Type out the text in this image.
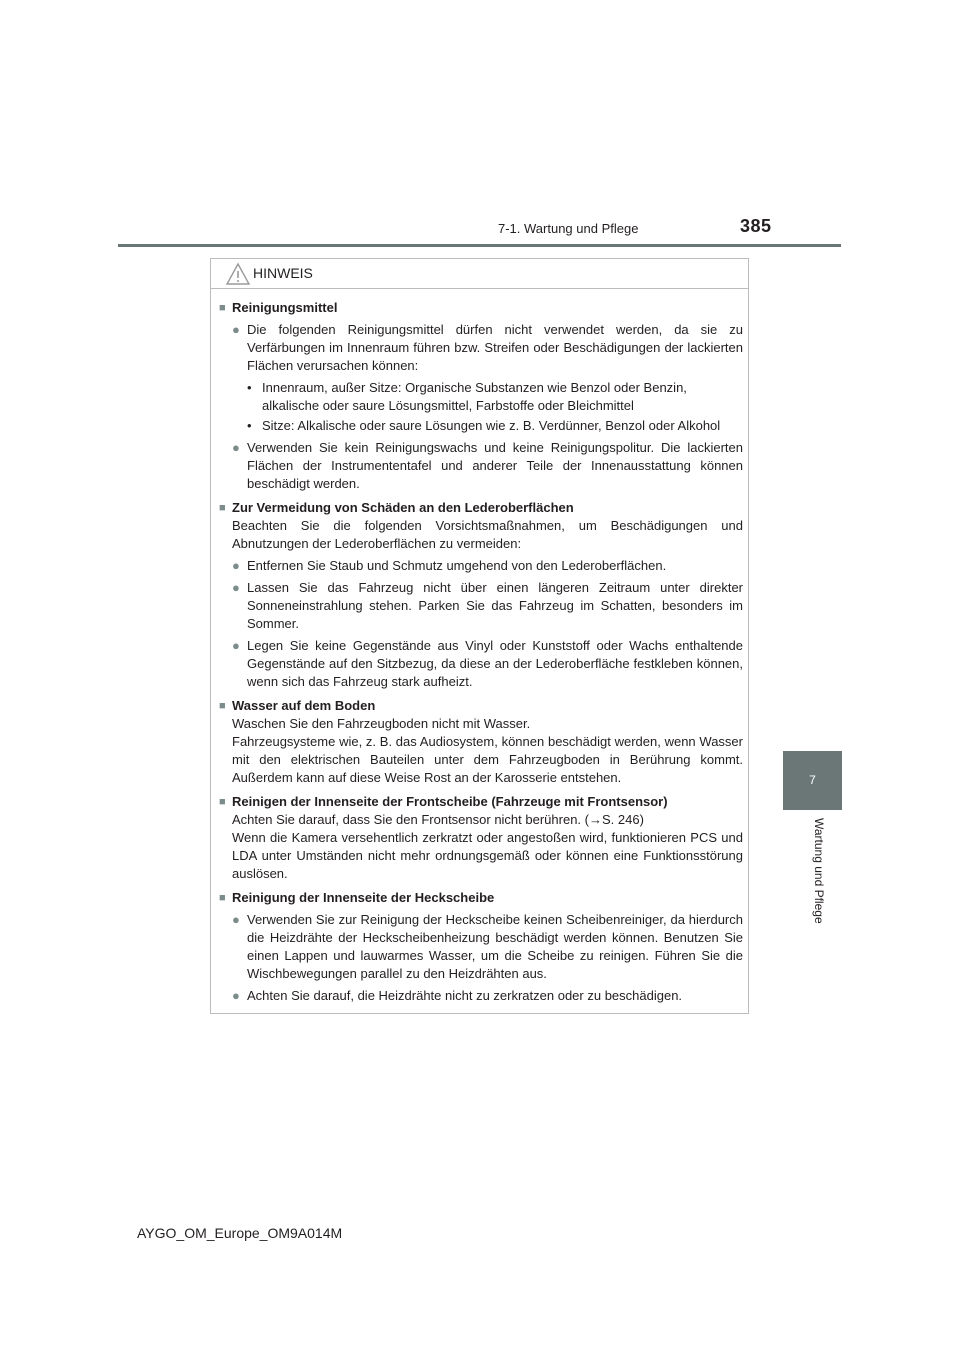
7-1. Wartung und Pflege	385
7
Wartung und Pflege
HINWEIS
■ Reinigungsmittel
● Die folgenden Reinigungsmittel dürfen nicht verwendet werden, da sie zu Verfärbungen im Innenraum führen bzw. Streifen oder Beschädigungen der lackierten Flächen verursachen können:
• Innenraum, außer Sitze: Organische Substanzen wie Benzol oder Benzin, alkalische oder saure Lösungsmittel, Farbstoffe oder Bleichmittel
• Sitze: Alkalische oder saure Lösungen wie z. B. Verdünner, Benzol oder Alkohol
● Verwenden Sie kein Reinigungswachs und keine Reinigungspolitur. Die lackierten Flächen der Instrumententafel und anderer Teile der Innenausstattung können beschädigt werden.
■ Zur Vermeidung von Schäden an den Lederoberflächen
Beachten Sie die folgenden Vorsichtsmaßnahmen, um Beschädigungen und Abnutzungen der Lederoberflächen zu vermeiden:
● Entfernen Sie Staub und Schmutz umgehend von den Lederoberflächen.
● Lassen Sie das Fahrzeug nicht über einen längeren Zeitraum unter direkter Sonneneinstrahlung stehen. Parken Sie das Fahrzeug im Schatten, besonders im Sommer.
● Legen Sie keine Gegenstände aus Vinyl oder Kunststoff oder Wachs enthaltende Gegenstände auf den Sitzbezug, da diese an der Lederoberfläche festkleben können, wenn sich das Fahrzeug stark aufheizt.
■ Wasser auf dem Boden
Waschen Sie den Fahrzeugboden nicht mit Wasser.
Fahrzeugsysteme wie, z. B. das Audiosystem, können beschädigt werden, wenn Wasser mit den elektrischen Bauteilen unter dem Fahrzeugboden in Berührung kommt. Außerdem kann auf diese Weise Rost an der Karosserie entstehen.
■ Reinigen der Innenseite der Frontscheibe (Fahrzeuge mit Frontsensor)
Achten Sie darauf, dass Sie den Frontsensor nicht berühren. (→S. 246)
Wenn die Kamera versehentlich zerkratzt oder angestoßen wird, funktionieren PCS und LDA unter Umständen nicht mehr ordnungsgemäß oder können eine Funktionsstörung auslösen.
■ Reinigung der Innenseite der Heckscheibe
● Verwenden Sie zur Reinigung der Heckscheibe keinen Scheibenreiniger, da hierdurch die Heizdrähte der Heckscheibenheizung beschädigt werden können. Benutzen Sie einen Lappen und lauwarmes Wasser, um die Scheibe zu reinigen. Führen Sie die Wischbewegungen parallel zu den Heizdrähten aus.
● Achten Sie darauf, die Heizdrähte nicht zu zerkratzen oder zu beschädigen.
AYGO_OM_Europe_OM9A014M
